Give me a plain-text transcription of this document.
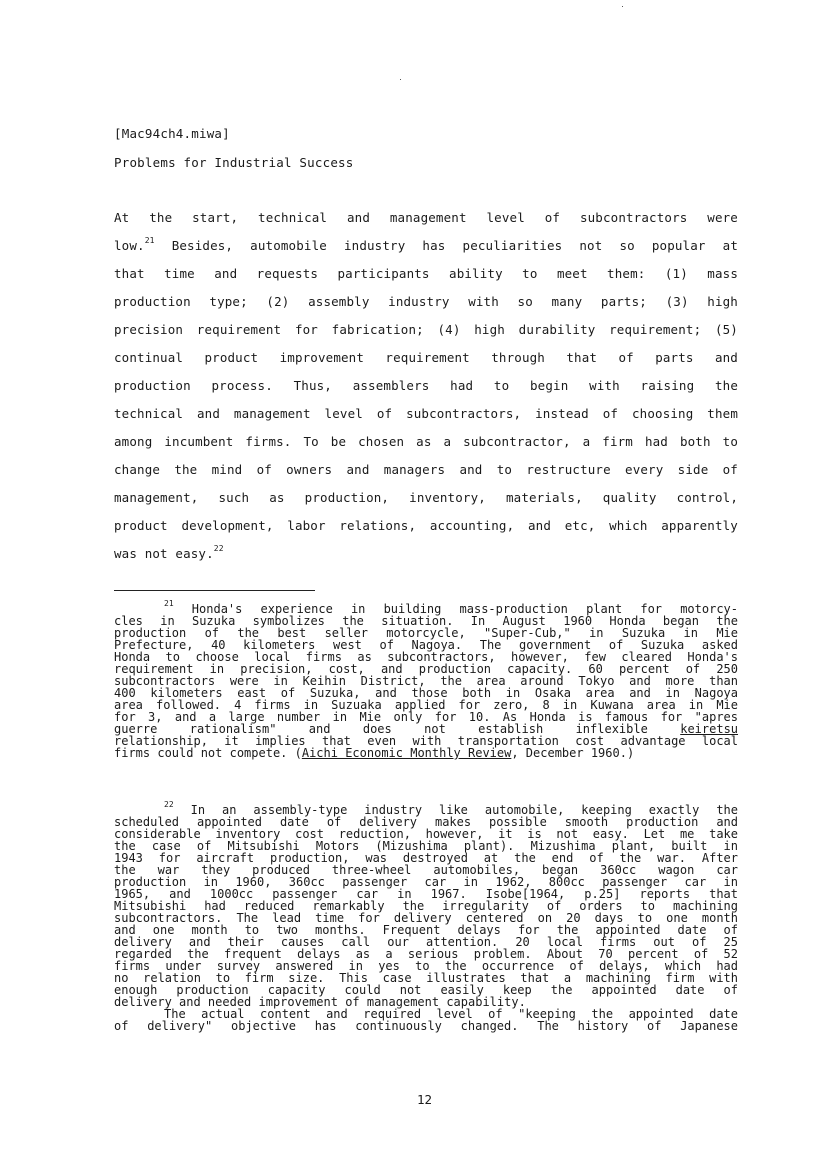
[Mac94ch4.miwa]
Problems for Industrial Success
At the start, technical and management level of subcontractors were
low.$^{21}$ Besides, automobile industry has peculiarities not so popular at
that time and requests participants ability to meet them: (1) mass
production type; (2) assembly industry with so many parts; (3) high
precision requirement for fabrication; (4) high durability requirement; (5)
continual product improvement requirement through that of parts and
production process. Thus, assemblers had to begin with raising the
technical and management level of subcontractors, instead of choosing them
among incumbent firms. To be chosen as a subcontractor, a firm had both to
change the mind of owners and managers and to restructure every side of
management, such as production, inventory, materials, quality control,
product development, labor relations, accounting, and etc, which apparently
was not easy.$^{22}$
$^{21}$ Honda's experience in building mass-production plant for motorcy-
cles in Suzuka symbolizes the situation. In August 1960 Honda began the
production of the best seller motorcycle, "Super-Cub," in Suzuka in Mie
Prefecture, 40 kilometers west of Nagoya. The government of Suzuka asked
Honda to choose local firms as subcontractors, however, few cleared Honda's
requirement in precision, cost, and production capacity. 60 percent of 250
subcontractors were in Keihin District, the area around Tokyo and more than
400 kilometers east of Suzuka, and those both in Osaka area and in Nagoya
area followed. 4 firms in Suzuaka applied for zero, 8 in Kuwana area in Mie
for 3, and a large number in Mie only for 10. As Honda is famous for "apres
guerre rationalism" and does not establish inflexible	keiretsu
relationship, it implies that even with transportation cost advantage local
firms could not compete. (Aichi Economic Monthly Review, December 1960.)
$^{22}$ In an assembly-type industry like automobile, keeping exactly the
scheduled appointed date of delivery makes possible smooth production and
considerable inventory cost reduction, however, it is not easy. Let me take
the case of Mitsubishi Motors (Mizushima plant). Mizushima plant, built in
1943 for aircraft production, was destroyed at the end of the war. After
the war they produced three-wheel automobiles, began 360cc wagon car
production in 1960, 360cc passenger car in 1962, 800cc passenger car in
1965, and 1000cc passenger car in 1967. Isobe[1964, p.25] reports that
Mitsubishi had reduced remarkably the irregularity of orders to machining
subcontractors. The lead time for delivery centered on 20 days to one month
and one month to two months. Frequent delays for the appointed date of
delivery and their causes call our attention. 20 local firms out of 25
regarded the frequent delays as a serious problem. About 70 percent of 52
firms under survey answered in yes to the occurrence of delays, which had
no relation to firm size. This case illustrates that a machining firm with
enough production capacity could not easily keep the appointed date of
delivery and needed improvement of management capability.
The actual content and required level of "keeping the appointed date
of delivery" objective has continuously changed. The history of Japanese
12
